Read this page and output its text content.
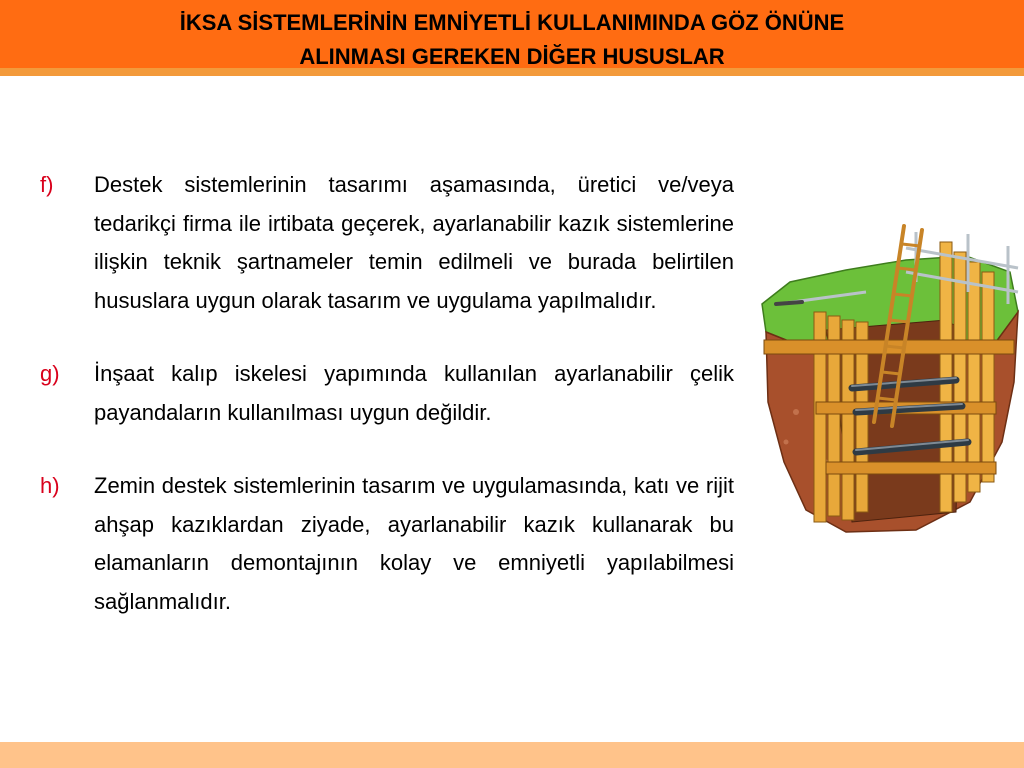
İKSA SİSTEMLERİNİN EMNİYETLİ KULLANIMINDA GÖZ ÖNÜNE
ALINMASI GEREKEN DİĞER HUSUSLAR
f) Destek sistemlerinin tasarımı aşamasında, üretici ve/veya tedarikçi firma ile irtibata geçerek, ayarlanabilir kazık sistemlerine ilişkin teknik şartnameler temin edilmeli ve burada belirtilen hususlara uygun olarak tasarım ve uygulama yapılmalıdır.
g) İnşaat kalıp iskelesi yapımında kullanılan ayarlanabilir çelik payandaların kullanılması uygun değildir.
h) Zemin destek sistemlerinin tasarım ve uygulamasında, katı ve rijit ahşap kazıklardan ziyade, ayarlanabilir kazık kullanarak bu elamanların demontajının kolay ve emniyetli yapılabilmesi sağlanmalıdır.
